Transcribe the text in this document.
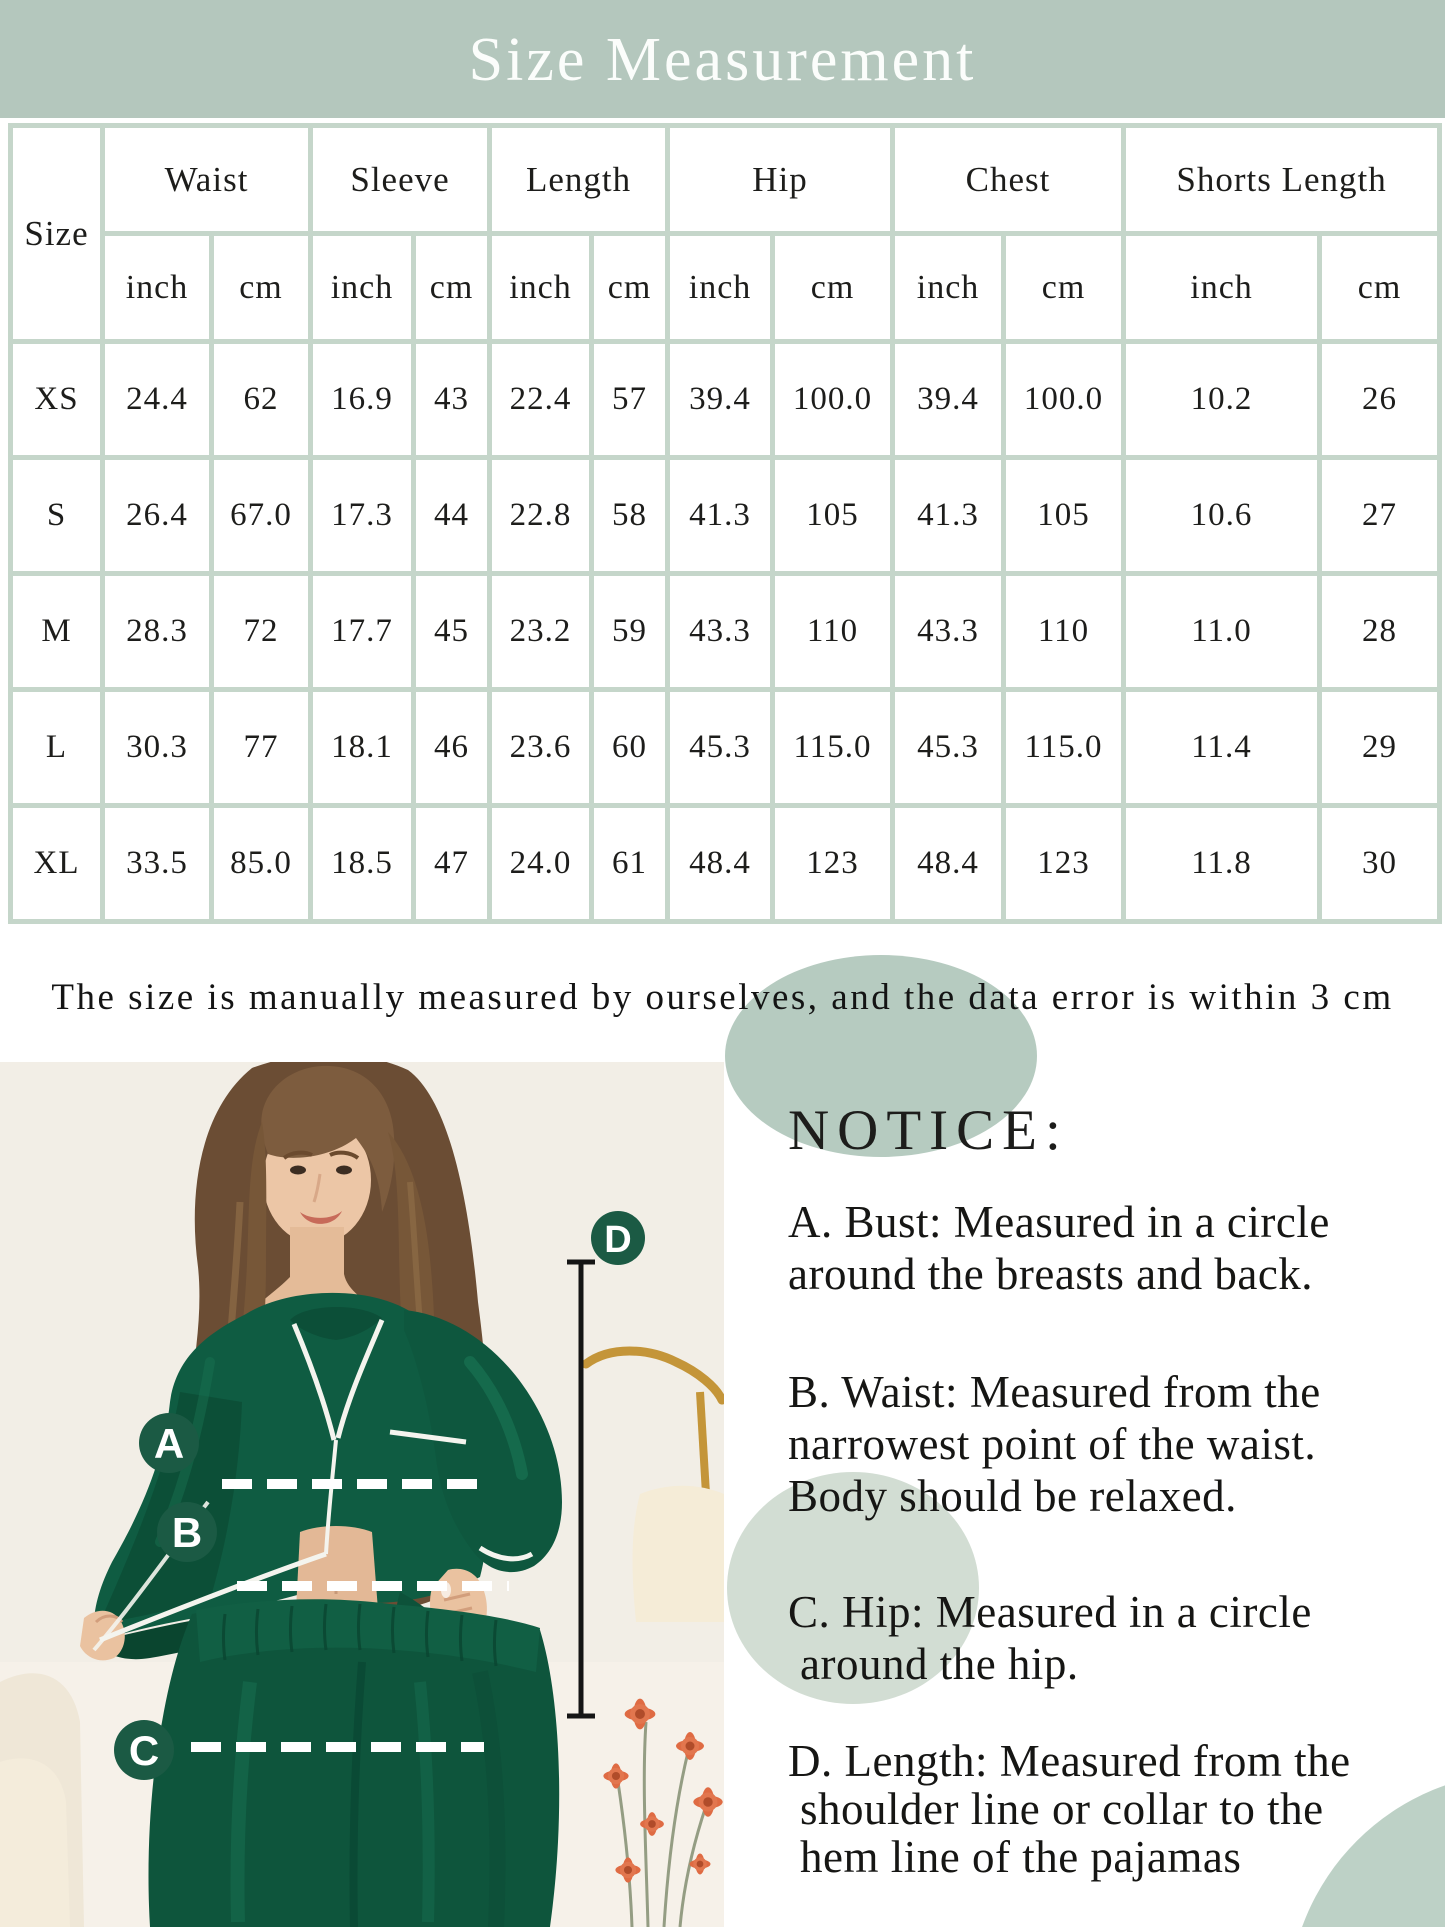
Size Measurement
Size	Waist		Sleeve		Length		Hip		Chest		Shorts Length	
	inch	cm	inch	cm	inch	cm	inch	cm	inch	cm	inch	cm
XS	24.4	62	16.9	43	22.4	57	39.4	100.0	39.4	100.0	10.2	26
S	26.4	67.0	17.3	44	22.8	58	41.3	105	41.3	105	10.6	27
M	28.3	72	17.7	45	23.2	59	43.3	110	43.3	110	11.0	28
L	30.3	77	18.1	46	23.6	60	45.3	115.0	45.3	115.0	11.4	29
XL	33.5	85.0	18.5	47	24.0	61	48.4	123	48.4	123	11.8	30
The size is manually measured by ourselves, and the data error is within 3 cm
A
B
C
D
NOTICE:

A. Bust: Measured in a circle
around the breasts and back.

B. Waist: Measured from the
narrowest point of the waist.
Body should be relaxed.

C. Hip: Measured in a circle
around the hip.

D. Length: Measured from the
shoulder line or collar to the
hem line of the pajamas
